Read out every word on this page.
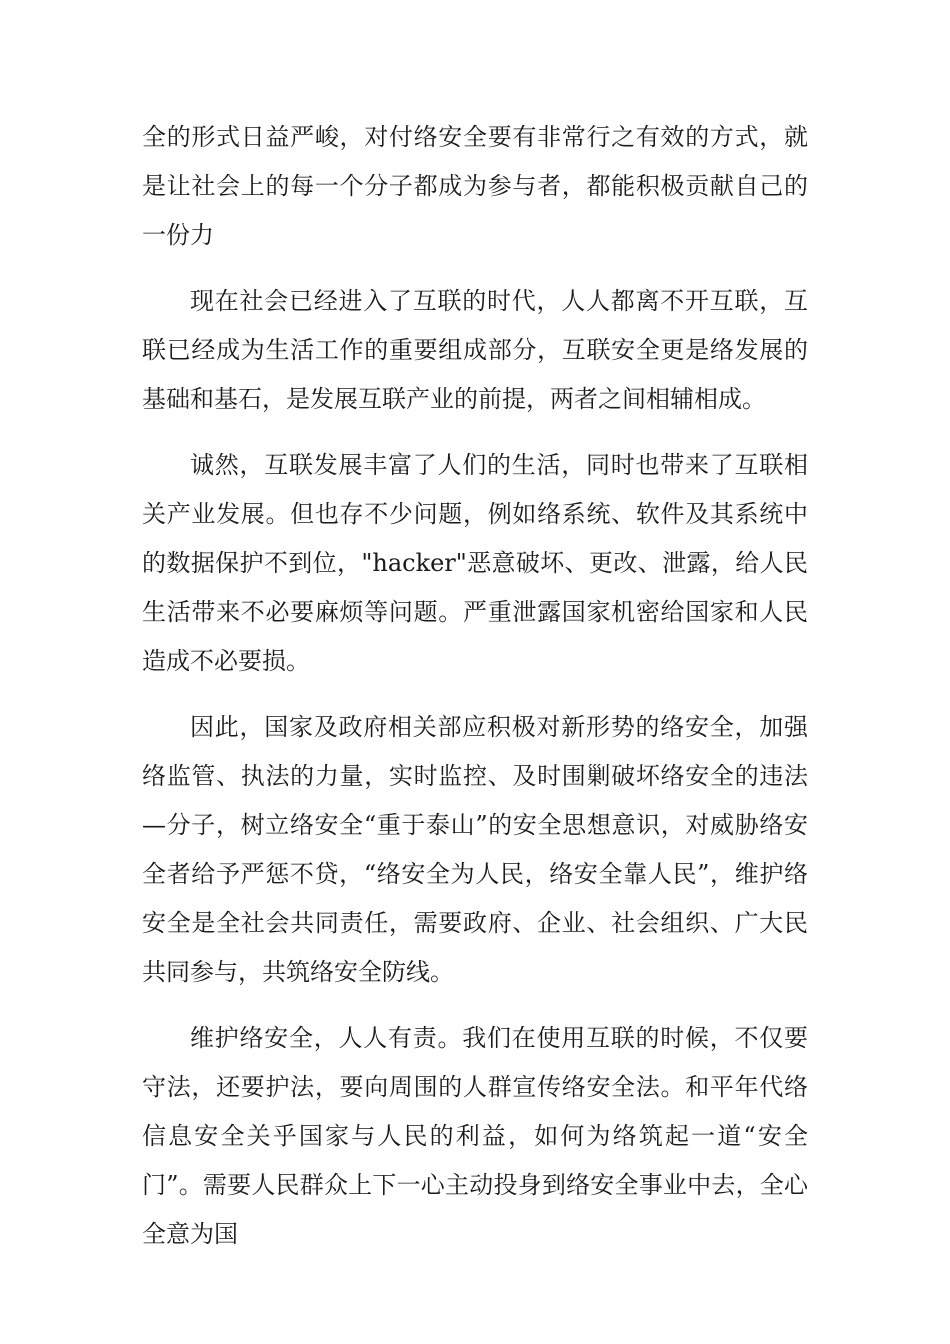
全的形式日益严峻，对付络安全要有非常行之有效的方式，就是让社会上的每一个分子都成为参与者，都能积极贡献自己的一份力

现在社会已经进入了互联的时代，人人都离不开互联，互联已经成为生活工作的重要组成部分，互联安全更是络发展的基础和基石，是发展互联产业的前提，两者之间相辅相成。

诚然，互联发展丰富了人们的生活，同时也带来了互联相关产业发展。但也存不少问题，例如络系统、软件及其系统中的数据保护不到位，"hacker"恶意破坏、更改、泄露，给人民生活带来不必要麻烦等问题。严重泄露国家机密给国家和人民造成不必要损。

因此，国家及政府相关部应积极对新形势的络安全，加强络监管、执法的力量，实时监控、及时围剿破坏络安全的违法—分子，树立络安全“重于泰山”的安全思想意识，对威胁络安全者给予严惩不贷，“络安全为人民，络安全靠人民”，维护络安全是全社会共同责任，需要政府、企业、社会组织、广大民共同参与，共筑络安全防线。

维护络安全，人人有责。我们在使用互联的时候，不仅要守法，还要护法，要向周围的人群宣传络安全法。和平年代络信息安全关乎国家与人民的利益，如何为络筑起一道“安全门”。需要人民群众上下一心主动投身到络安全事业中去，全心全意为国
